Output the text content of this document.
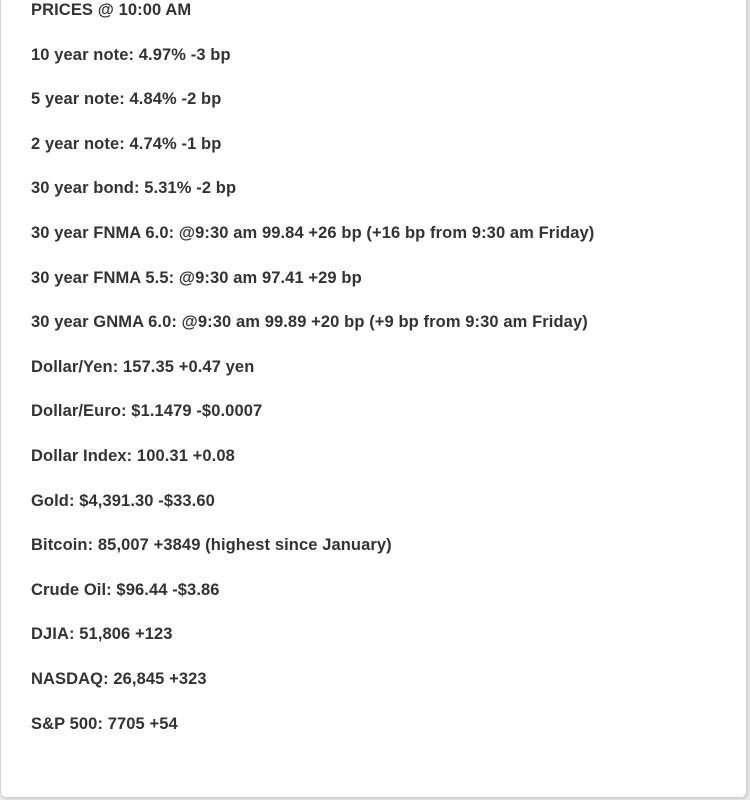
PRICES @ 10:00 AM
10 year note: 4.97% -3 bp
5 year note: 4.84% -2 bp
2 year note: 4.74% -1 bp
30 year bond: 5.31% -2 bp
30 year FNMA 6.0: @9:30 am 99.84 +26 bp (+16 bp from 9:30 am Friday)
30 year FNMA 5.5: @9:30 am 97.41 +29 bp
30 year GNMA 6.0: @9:30 am 99.89 +20 bp (+9 bp from 9:30 am Friday)
Dollar/Yen: 157.35 +0.47 yen
Dollar/Euro: $1.1479 -$0.0007
Dollar Index: 100.31 +0.08
Gold: $4,391.30 -$33.60
Bitcoin: 85,007 +3849 (highest since January)
Crude Oil: $96.44 -$3.86
DJIA: 51,806 +123
NASDAQ: 26,845 +323
S&P 500: 7705 +54
